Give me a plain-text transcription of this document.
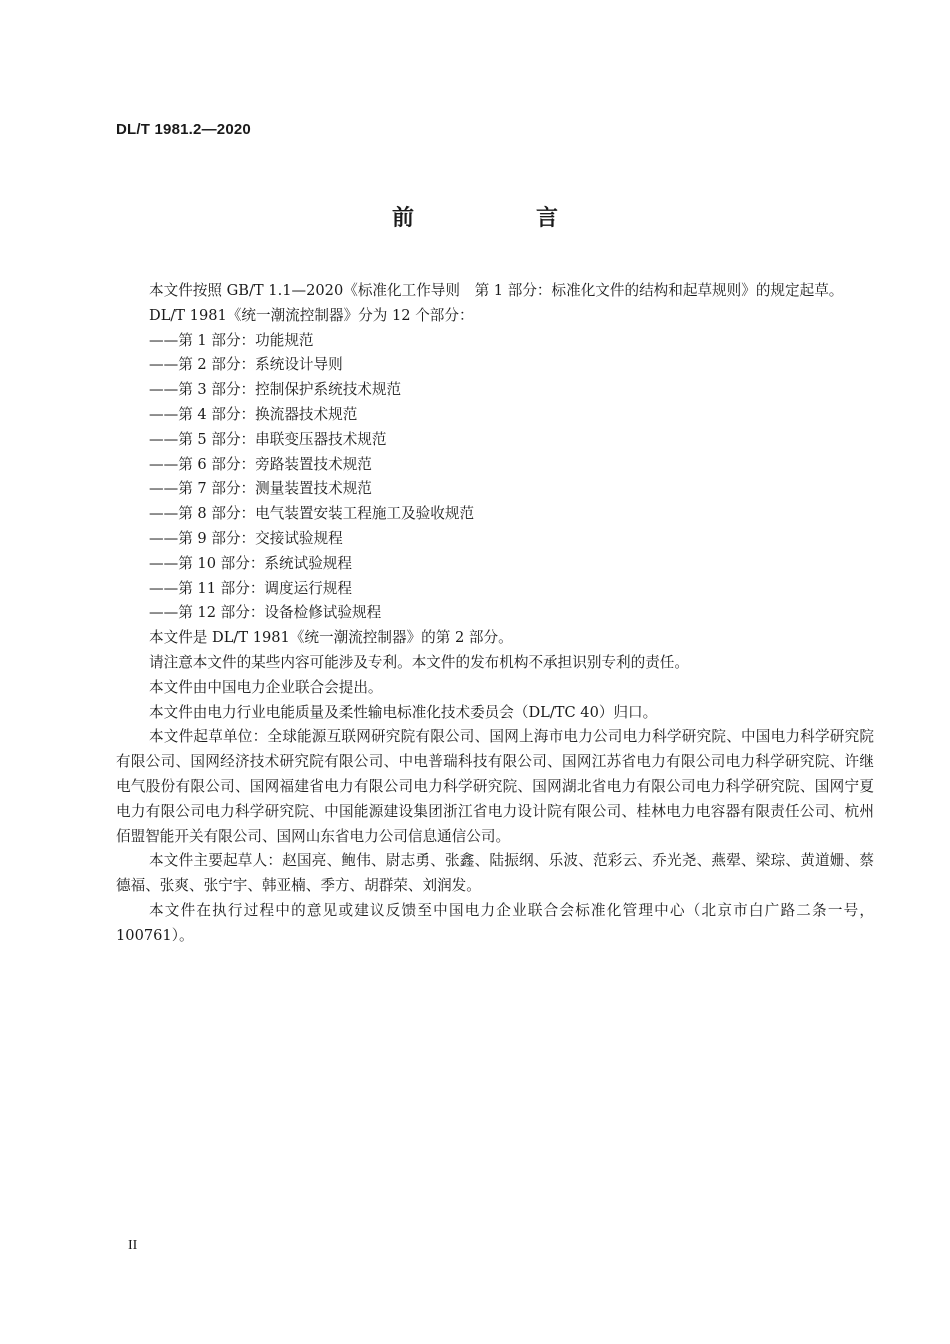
DL/T 1981.2—2020
前　言

本文件按照 GB/T 1.1—2020《标准化工作导则　第 1 部分：标准化文件的结构和起草规则》的规定起草。

DL/T 1981《统一潮流控制器》分为 12 个部分：

——第 1 部分：功能规范
——第 2 部分：系统设计导则
——第 3 部分：控制保护系统技术规范
——第 4 部分：换流器技术规范
——第 5 部分：串联变压器技术规范
——第 6 部分：旁路装置技术规范
——第 7 部分：测量装置技术规范
——第 8 部分：电气装置安装工程施工及验收规范
——第 9 部分：交接试验规程
——第 10 部分：系统试验规程
——第 11 部分：调度运行规程
——第 12 部分：设备检修试验规程

本文件是 DL/T 1981《统一潮流控制器》的第 2 部分。

请注意本文件的某些内容可能涉及专利。本文件的发布机构不承担识别专利的责任。

本文件由中国电力企业联合会提出。

本文件由电力行业电能质量及柔性输电标准化技术委员会（DL/TC 40）归口。

本文件起草单位：全球能源互联网研究院有限公司、国网上海市电力公司电力科学研究院、中国电力科学研究院有限公司、国网经济技术研究院有限公司、中电普瑞科技有限公司、国网江苏省电力有限公司电力科学研究院、许继电气股份有限公司、国网福建省电力有限公司电力科学研究院、国网湖北省电力有限公司电力科学研究院、国网宁夏电力有限公司电力科学研究院、中国能源建设集团浙江省电力设计院有限公司、桂林电力电容器有限责任公司、杭州佰盟智能开关有限公司、国网山东省电力公司信息通信公司。

本文件主要起草人：赵国亮、鲍伟、尉志勇、张鑫、陆振纲、乐波、范彩云、乔光尧、燕翚、梁琮、黄道姗、蔡德福、张爽、张宁宇、韩亚楠、季方、胡群荣、刘润发。

本文件在执行过程中的意见或建议反馈至中国电力企业联合会标准化管理中心（北京市白广路二条一号，100761）。

II
